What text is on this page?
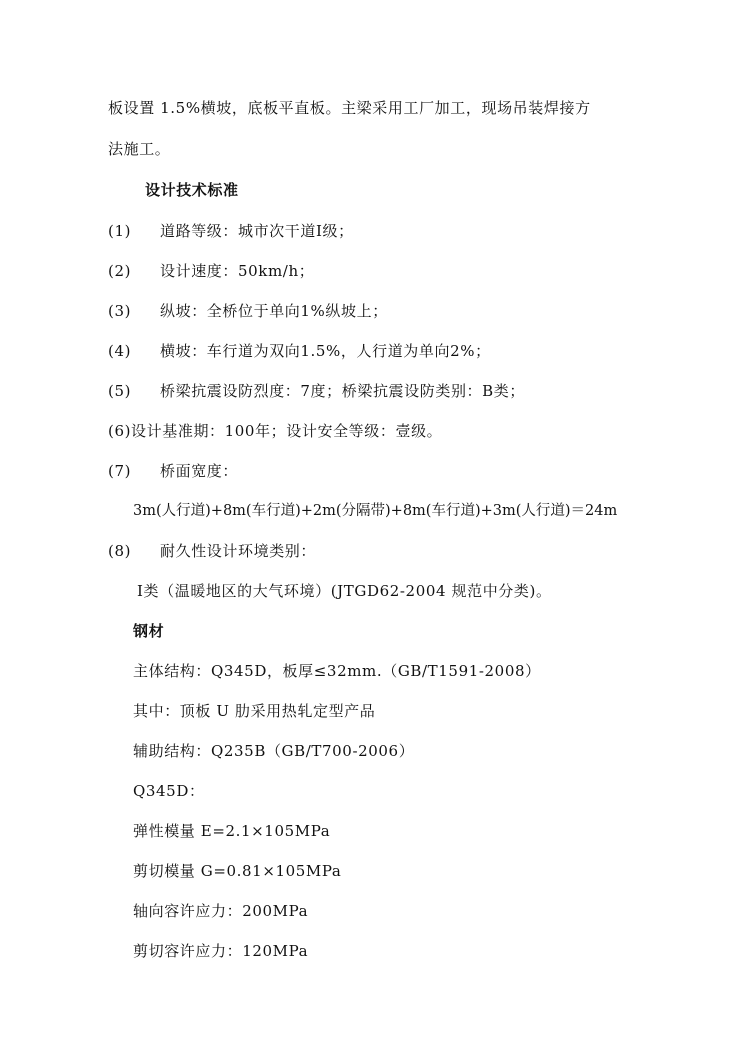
板设置 1.5%横坡，底板平直板。主梁采用工厂加工，现场吊装焊接方
法施工。
设计技术标准
(1) 道路等级：城市次干道I级；
(2) 设计速度：50km/h；
(3) 纵坡：全桥位于单向1%纵坡上；
(4) 横坡：车行道为双向1.5%，人行道为单向2%；
(5) 桥梁抗震设防烈度：7度；桥梁抗震设防类别：B类；
(6)设计基准期：100年；设计安全等级：壹级。
(7) 桥面宽度：
3m(人行道)+8m(车行道)+2m(分隔带)+8m(车行道)+3m(人行道)＝24m
(8) 耐久性设计环境类别：
Ⅰ类（温暖地区的大气环境）(JTGD62-2004 规范中分类)。
钢材
主体结构：Q345D，板厚≤32mm.（GB/T1591-2008）
其中：顶板 U 肋采用热轧定型产品
辅助结构：Q235B（GB/T700-2006）
Q345D：
弹性模量 E=2.1×105MPa
剪切模量 G=0.81×105MPa
轴向容许应力：200MPa
剪切容许应力：120MPa
